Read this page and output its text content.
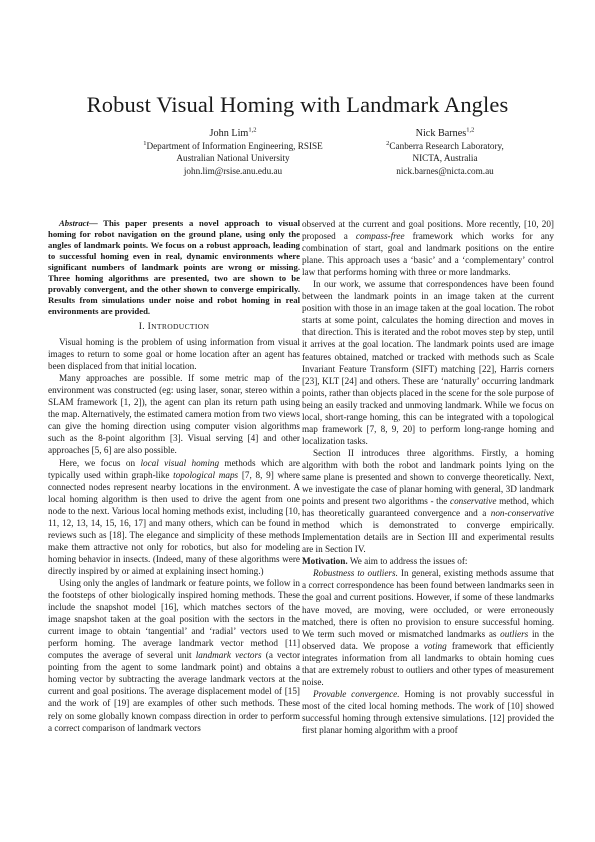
Robust Visual Homing with Landmark Angles
John Lim$^{1,2}$
$^1$Department of Information Engineering, RSISE
Australian National University
john.lim@rsise.anu.edu.au
Nick Barnes$^{1,2}$
$^2$Canberra Research Laboratory,
NICTA, Australia
nick.barnes@nicta.com.au

Abstract— This paper presents a novel approach to visual homing for robot navigation on the ground plane, using only the angles of landmark points. We focus on a robust approach, leading to successful homing even in real, dynamic environments where significant numbers of landmark points are wrong or missing. Three homing algorithms are presented, two are shown to be provably convergent, and the other shown to converge empirically. Results from simulations under noise and robot homing in real environments are provided.

I. INTRODUCTION

Visual homing is the problem of using information from visual images to return to some goal or home location after an agent has been displaced from that initial location.

Many approaches are possible. If some metric map of the environment was constructed (eg: using laser, sonar, stereo within a SLAM framework [1, 2]), the agent can plan its return path using the map. Alternatively, the estimated camera motion from two views can give the homing direction using computer vision algorithms such as the 8-point algorithm [3]. Visual serving [4] and other approaches [5, 6] are also possible.

Here, we focus on local visual homing methods which are typically used within graph-like topological maps [7, 8, 9] where connected nodes represent nearby locations in the environment. A local homing algorithm is then used to drive the agent from one node to the next. Various local homing methods exist, including [10, 11, 12, 13, 14, 15, 16, 17] and many others, which can be found in reviews such as [18]. The elegance and simplicity of these methods make them attractive not only for robotics, but also for modeling homing behavior in insects. (Indeed, many of these algorithms were directly inspired by or aimed at explaining insect homing.)

Using only the angles of landmark or feature points, we follow in the footsteps of other biologically inspired homing methods. These include the snapshot model [16], which matches sectors of the image snapshot taken at the goal position with the sectors in the current image to obtain ‘tangential’ and ‘radial’ vectors used to perform homing. The average landmark vector method [11] computes the average of several unit landmark vectors (a vector pointing from the agent to some landmark point) and obtains a homing vector by subtracting the average landmark vectors at the current and goal positions. The average displacement model of [15] and the work of [19] are examples of other such methods. These rely on some globally known compass direction in order to perform a correct comparison of landmark vectors

observed at the current and goal positions. More recently, [10, 20] proposed a compass-free framework which works for any combination of start, goal and landmark positions on the entire plane. This approach uses a ‘basic’ and a ‘complementary’ control law that performs homing with three or more landmarks.

In our work, we assume that correspondences have been found between the landmark points in an image taken at the current position with those in an image taken at the goal location. The robot starts at some point, calculates the homing direction and moves in that direction. This is iterated and the robot moves step by step, until it arrives at the goal location. The landmark points used are image features obtained, matched or tracked with methods such as Scale Invariant Feature Transform (SIFT) matching [22], Harris corners [23], KLT [24] and others. These are ‘naturally’ occurring landmark points, rather than objects placed in the scene for the sole purpose of being an easily tracked and unmoving landmark. While we focus on local, short-range homing, this can be integrated with a topological map framework [7, 8, 9, 20] to perform long-range homing and localization tasks.

Section II introduces three algorithms. Firstly, a homing algorithm with both the robot and landmark points lying on the same plane is presented and shown to converge theoretically. Next, we investigate the case of planar homing with general, 3D landmark points and present two algorithms - the conservative method, which has theoretically guaranteed convergence and a non-conservative method which is demonstrated to converge empirically. Implementation details are in Section III and experimental results are in Section IV.

Motivation. We aim to address the issues of:

Robustness to outliers. In general, existing methods assume that a correct correspondence has been found between landmarks seen in the goal and current positions. However, if some of these landmarks have moved, are moving, were occluded, or were erroneously matched, there is often no provision to ensure successful homing. We term such moved or mismatched landmarks as outliers in the observed data. We propose a voting framework that efficiently integrates information from all landmarks to obtain homing cues that are extremely robust to outliers and other types of measurement noise.

Provable convergence. Homing is not provably successful in most of the cited local homing methods. The work of [10] showed successful homing through extensive simulations. [12] provided the first planar homing algorithm with a proof
